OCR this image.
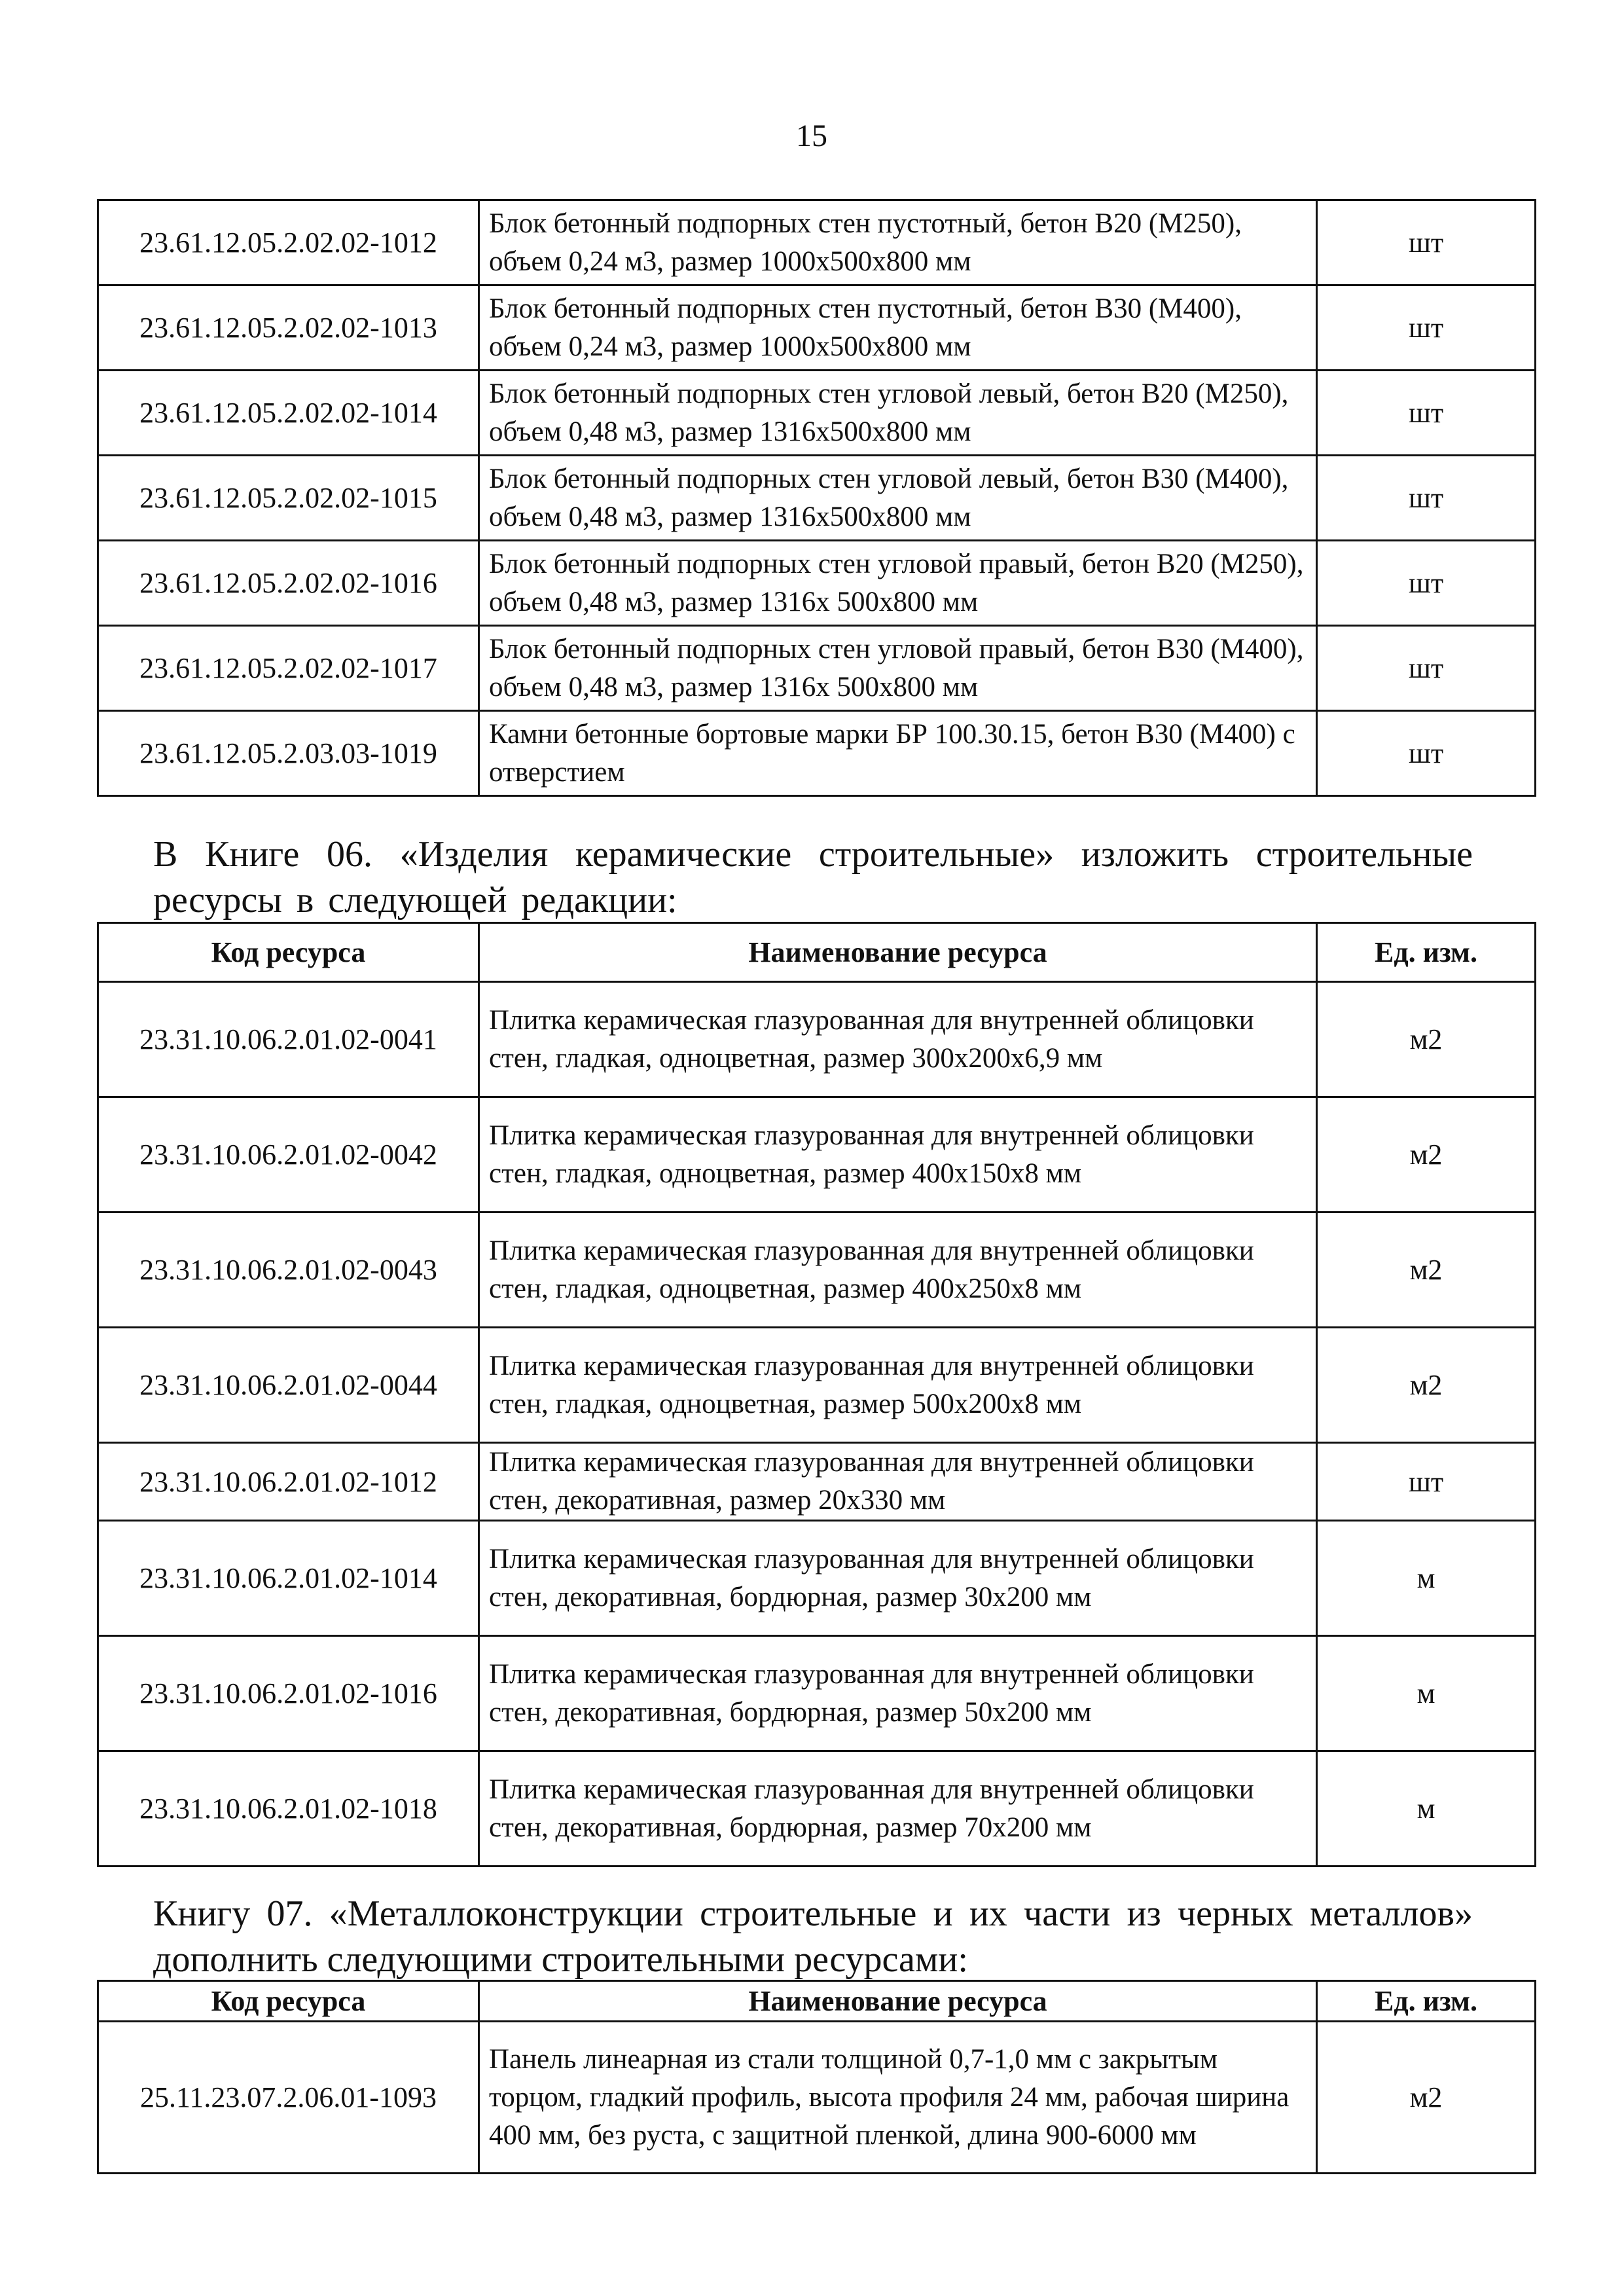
15
23.61.12.05.2.02.02-1012	Блок бетонный подпорных стен пустотный, бетон В20 (М250), объем 0,24 м3, размер 1000х500х800 мм	шт
23.61.12.05.2.02.02-1013	Блок бетонный подпорных стен пустотный, бетон В30 (М400), объем 0,24 м3, размер 1000х500х800 мм	шт
23.61.12.05.2.02.02-1014	Блок бетонный подпорных стен угловой левый, бетон В20 (М250), объем 0,48 м3, размер 1316х500х800 мм	шт
23.61.12.05.2.02.02-1015	Блок бетонный подпорных стен угловой левый, бетон В30 (М400), объем 0,48 м3, размер 1316х500х800 мм	шт
23.61.12.05.2.02.02-1016	Блок бетонный подпорных стен угловой правый, бетон В20 (М250), объем 0,48 м3, размер 1316х 500х800 мм	шт
23.61.12.05.2.02.02-1017	Блок бетонный подпорных стен угловой правый, бетон В30 (М400), объем 0,48 м3, размер 1316х 500х800 мм	шт
23.61.12.05.2.03.03-1019	Камни бетонные бортовые марки БР 100.30.15, бетон В30 (М400) с отверстием	шт

В Книге 06. «Изделия керамические строительные» изложить строительные ресурсы в следующей редакции:

Код ресурса	Наименование ресурса	Ед. изм.
23.31.10.06.2.01.02-0041	Плитка керамическая глазурованная для внутренней облицовки стен, гладкая, одноцветная, размер 300х200х6,9 мм	м2
23.31.10.06.2.01.02-0042	Плитка керамическая глазурованная для внутренней облицовки стен, гладкая, одноцветная, размер 400х150х8 мм	м2
23.31.10.06.2.01.02-0043	Плитка керамическая глазурованная для внутренней облицовки стен, гладкая, одноцветная, размер 400х250х8 мм	м2
23.31.10.06.2.01.02-0044	Плитка керамическая глазурованная для внутренней облицовки стен, гладкая, одноцветная, размер 500х200х8 мм	м2
23.31.10.06.2.01.02-1012	Плитка керамическая глазурованная для внутренней облицовки стен, декоративная, размер 20х330 мм	шт
23.31.10.06.2.01.02-1014	Плитка керамическая глазурованная для внутренней облицовки стен, декоративная, бордюрная, размер 30х200 мм	м
23.31.10.06.2.01.02-1016	Плитка керамическая глазурованная для внутренней облицовки стен, декоративная, бордюрная, размер 50х200 мм	м
23.31.10.06.2.01.02-1018	Плитка керамическая глазурованная для внутренней облицовки стен, декоративная, бордюрная, размер 70х200 мм	м

Книгу 07. «Металлоконструкции строительные и их части из черных металлов» дополнить следующими строительными ресурсами:

Код ресурса	Наименование ресурса	Ед. изм.
25.11.23.07.2.06.01-1093	Панель линеарная из стали толщиной 0,7-1,0 мм с закрытым торцом, гладкий профиль, высота профиля 24 мм, рабочая ширина 400 мм, без руста, с защитной пленкой, длина 900-6000 мм	м2
